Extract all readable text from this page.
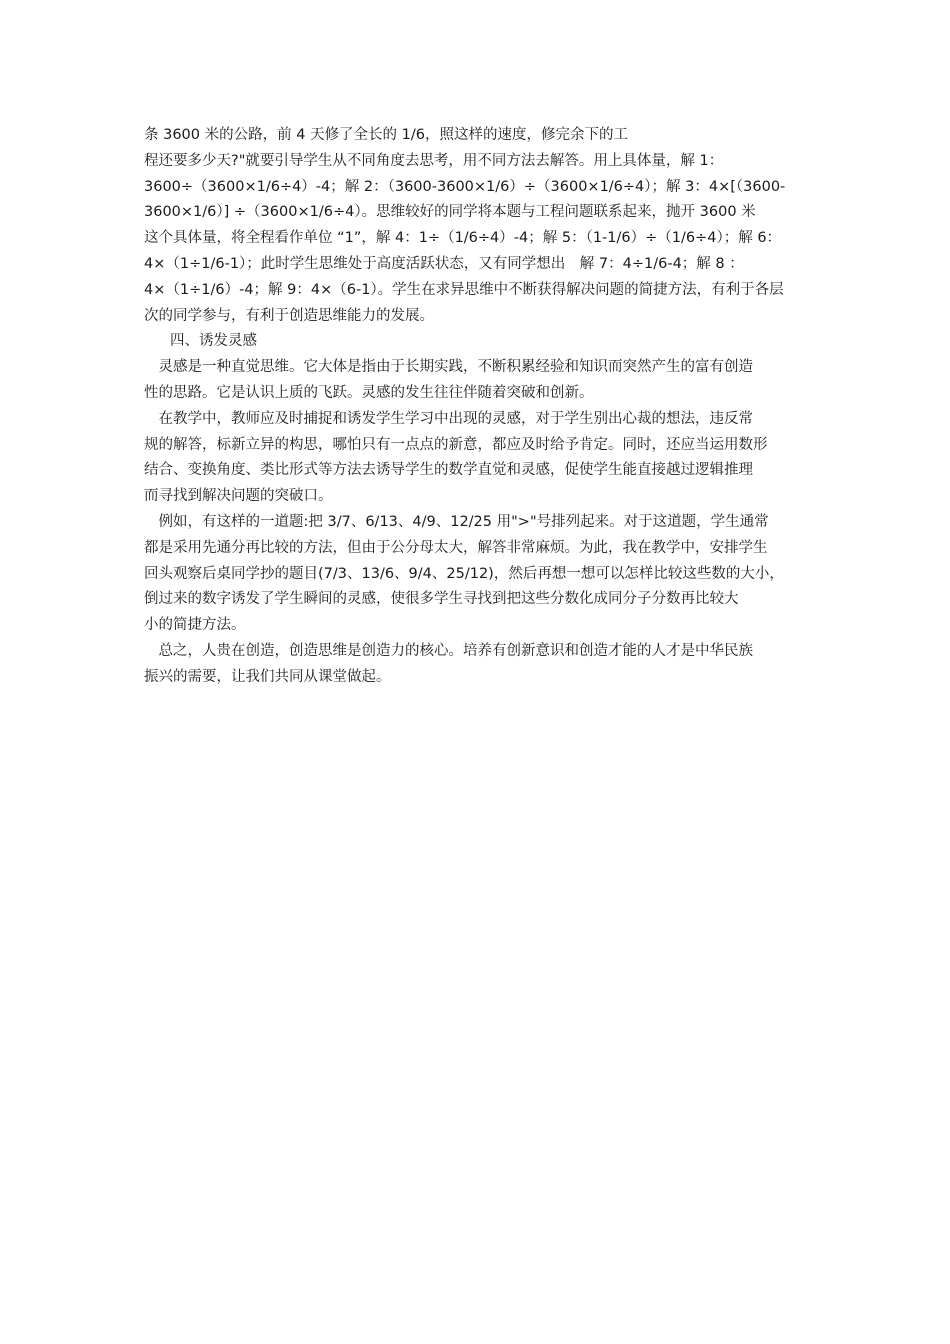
条 3600 米的公路，前 4 天修了全长的 1/6，照这样的速度，修完余下的工
程还要多少天?"就要引导学生从不同角度去思考，用不同方法去解答。用上具体量，解 1：
3600÷（3600×1/6÷4）-4；解 2：（3600-3600×1/6）÷（3600×1/6÷4）；解 3：4×[（3600-
3600×1/6）] ÷（3600×1/6÷4）。思维较好的同学将本题与工程问题联系起来，抛开 3600 米
这个具体量，将全程看作单位 “1”，解 4：1÷（1/6÷4）-4；解 5：（1-1/6）÷（1/6÷4）；解 6：
4×（1÷1/6-1）；此时学生思维处于高度活跃状态，又有同学想出　解 7：4÷1/6-4；解 8 ：
4×（1÷1/6）-4；解 9：4×（6-1）。学生在求异思维中不断获得解决问题的简捷方法，有利于各层
次的同学参与，有利于创造思维能力的发展。

四、诱发灵感

　灵感是一种直觉思维。它大体是指由于长期实践，不断积累经验和知识而突然产生的富有创造
性的思路。它是认识上质的飞跃。灵感的发生往往伴随着突破和创新。

　在教学中，教师应及时捕捉和诱发学生学习中出现的灵感，对于学生别出心裁的想法，违反常
规的解答，标新立异的构思，哪怕只有一点点的新意，都应及时给予肯定。同时，还应当运用数形
结合、变换角度、类比形式等方法去诱导学生的数学直觉和灵感，促使学生能直接越过逻辑推理
而寻找到解决问题的突破口。

　例如，有这样的一道题:把 3/7、6/13、4/9、12/25 用">"号排列起来。对于这道题，学生通常
都是采用先通分再比较的方法，但由于公分母太大，解答非常麻烦。为此，我在教学中，安排学生
回头观察后桌同学抄的题目(7/3、13/6、9/4、25/12)，然后再想一想可以怎样比较这些数的大小，
倒过来的数字诱发了学生瞬间的灵感，使很多学生寻找到把这些分数化成同分子分数再比较大
小的简捷方法。

　总之，人贵在创造，创造思维是创造力的核心。培养有创新意识和创造才能的人才是中华民族
振兴的需要，让我们共同从课堂做起。
